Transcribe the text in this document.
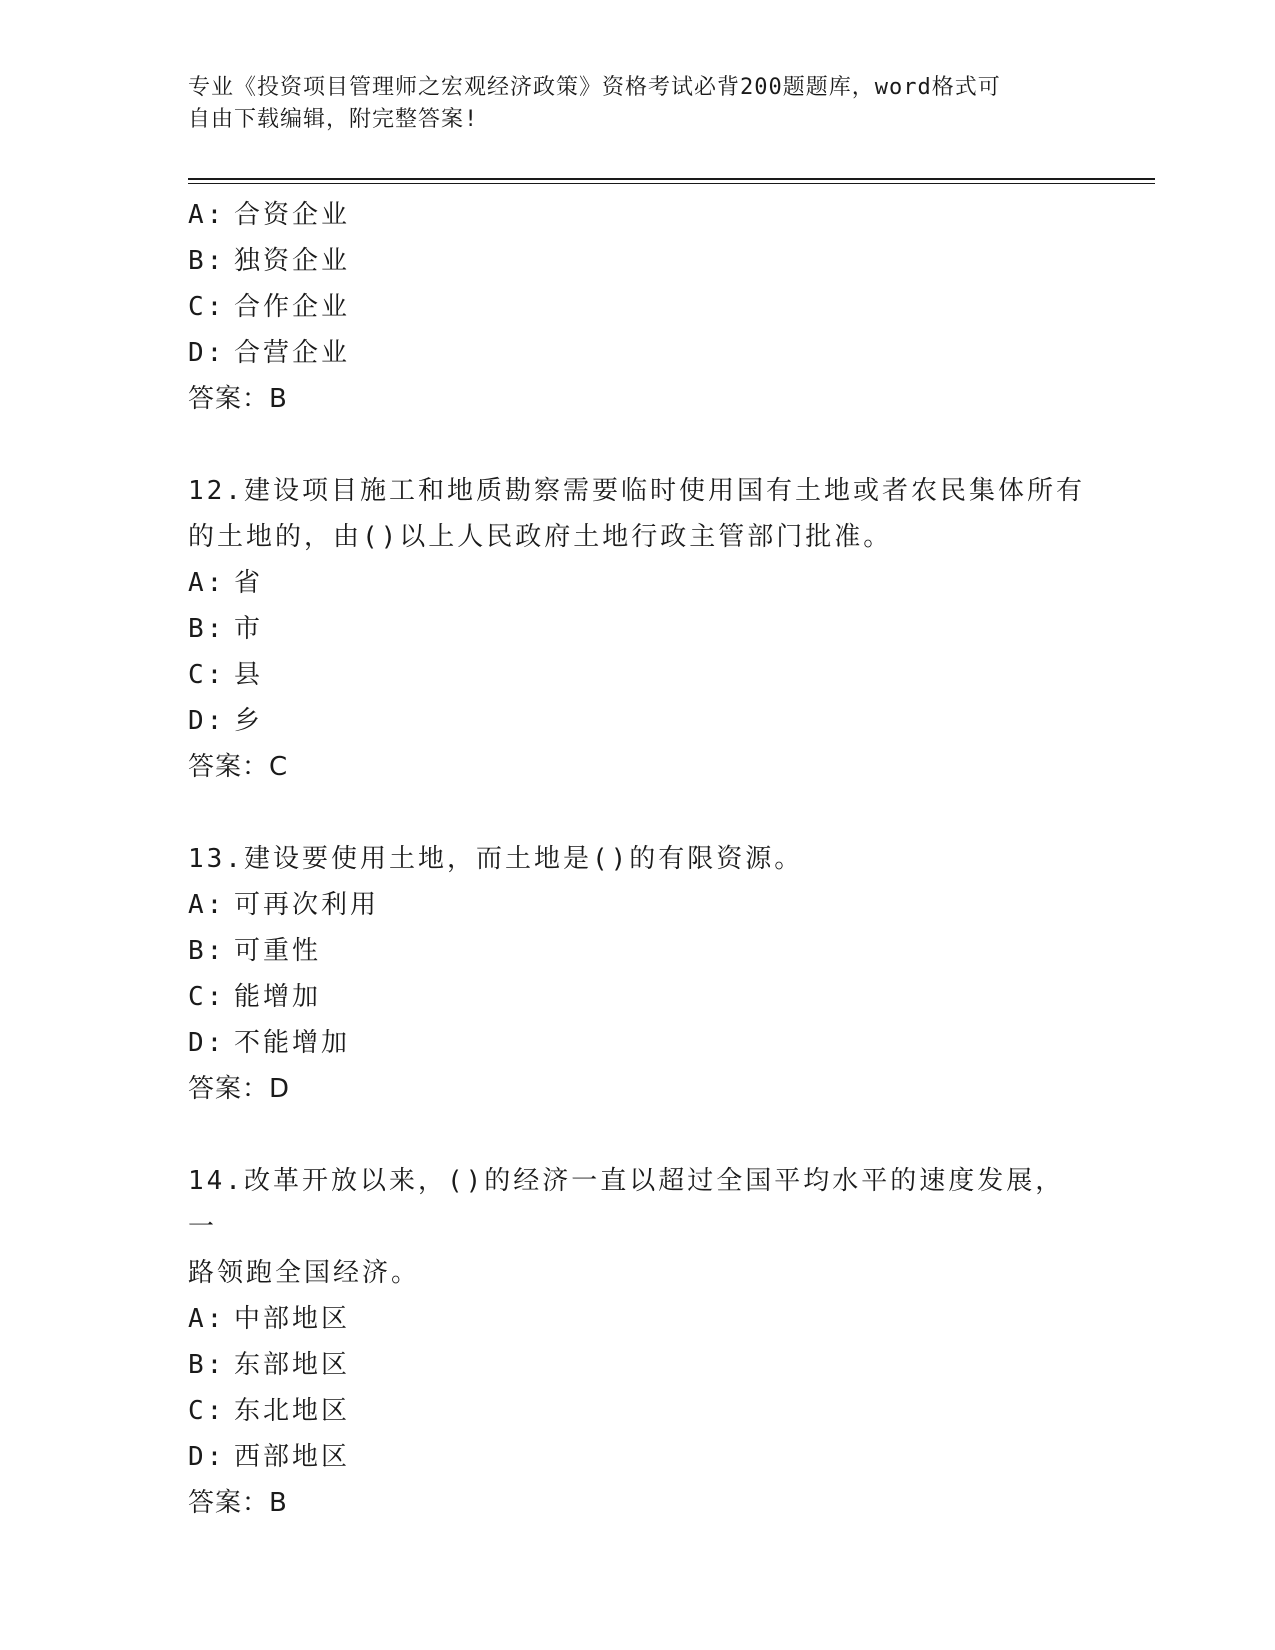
专业《投资项目管理师之宏观经济政策》资格考试必背200题题库，word格式可
自由下载编辑，附完整答案!
A: 合资企业
B: 独资企业
C: 合作企业
D: 合营企业
答案：B
12.建设项目施工和地质勘察需要临时使用国有土地或者农民集体所有
的土地的，由()以上人民政府土地行政主管部门批准。
A: 省
B: 市
C: 县
D: 乡
答案：C
13.建设要使用土地，而土地是()的有限资源。
A: 可再次利用
B: 可重性
C: 能增加
D: 不能增加
答案：D
14.改革开放以来，()的经济一直以超过全国平均水平的速度发展，一
路领跑全国经济。
A: 中部地区
B: 东部地区
C: 东北地区
D: 西部地区
答案：B
